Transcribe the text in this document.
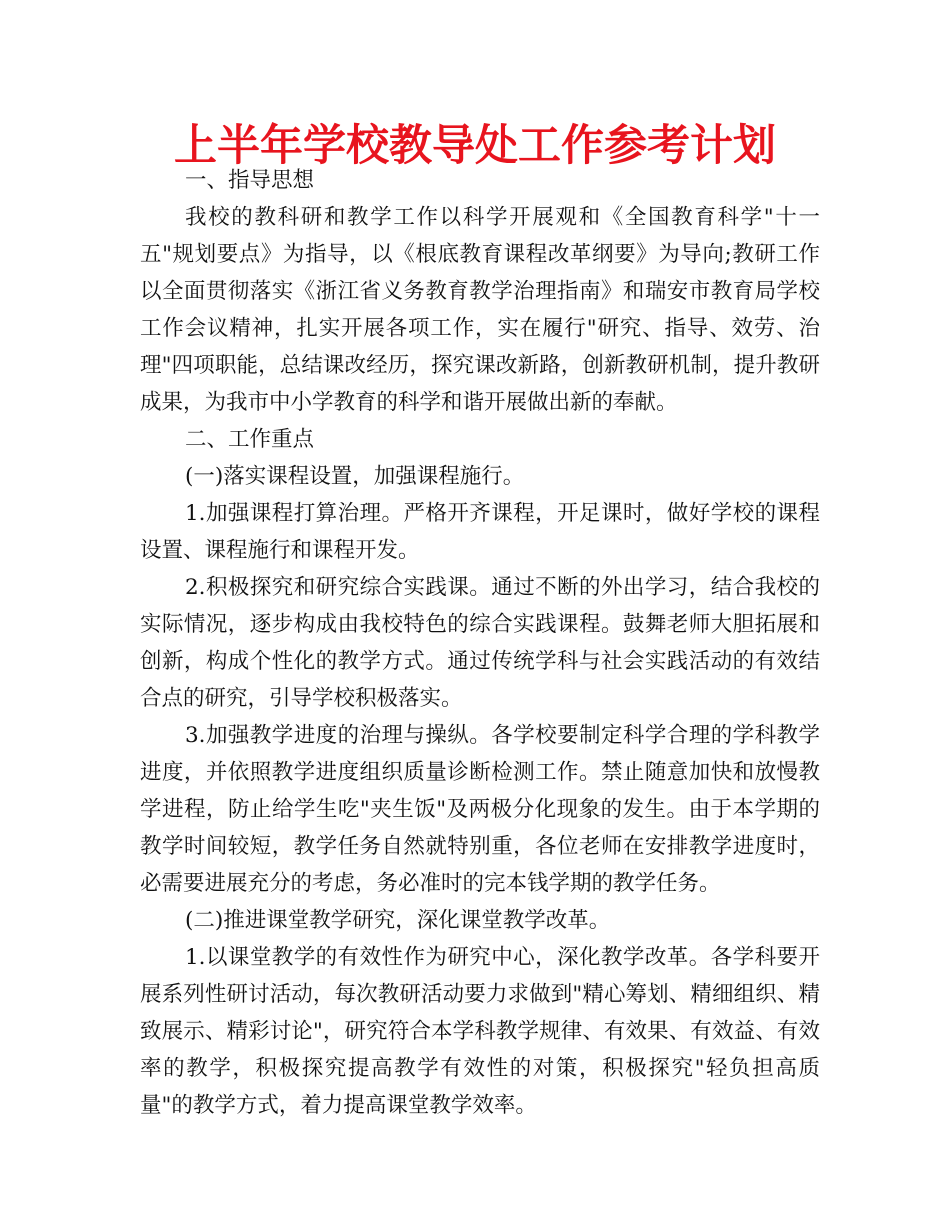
上半年学校教导处工作参考计划

一、指导思想

我校的教科研和教学工作以科学开展观和《全国教育科学"十一五"规划要点》为指导，以《根底教育课程改革纲要》为导向;教研工作以全面贯彻落实《浙江省义务教育教学治理指南》和瑞安市教育局学校工作会议精神，扎实开展各项工作，实在履行"研究、指导、效劳、治理"四项职能，总结课改经历，探究课改新路，创新教研机制，提升教研成果，为我市中小学教育的科学和谐开展做出新的奉献。

二、工作重点

(一)落实课程设置，加强课程施行。

1.加强课程打算治理。严格开齐课程，开足课时，做好学校的课程设置、课程施行和课程开发。

2.积极探究和研究综合实践课。通过不断的外出学习，结合我校的实际情况，逐步构成由我校特色的综合实践课程。鼓舞老师大胆拓展和创新，构成个性化的教学方式。通过传统学科与社会实践活动的有效结合点的研究，引导学校积极落实。

3.加强教学进度的治理与操纵。各学校要制定科学合理的学科教学进度，并依照教学进度组织质量诊断检测工作。禁止随意加快和放慢教学进程，防止给学生吃"夹生饭"及两极分化现象的发生。由于本学期的教学时间较短，教学任务自然就特别重，各位老师在安排教学进度时，必需要进展充分的考虑，务必准时的完本钱学期的教学任务。

(二)推进课堂教学研究，深化课堂教学改革。

1.以课堂教学的有效性作为研究中心，深化教学改革。各学科要开展系列性研讨活动，每次教研活动要力求做到"精心筹划、精细组织、精致展示、精彩讨论"，研究符合本学科教学规律、有效果、有效益、有效率的教学，积极探究提高教学有效性的对策，积极探究"轻负担高质量"的教学方式，着力提高课堂教学效率。
